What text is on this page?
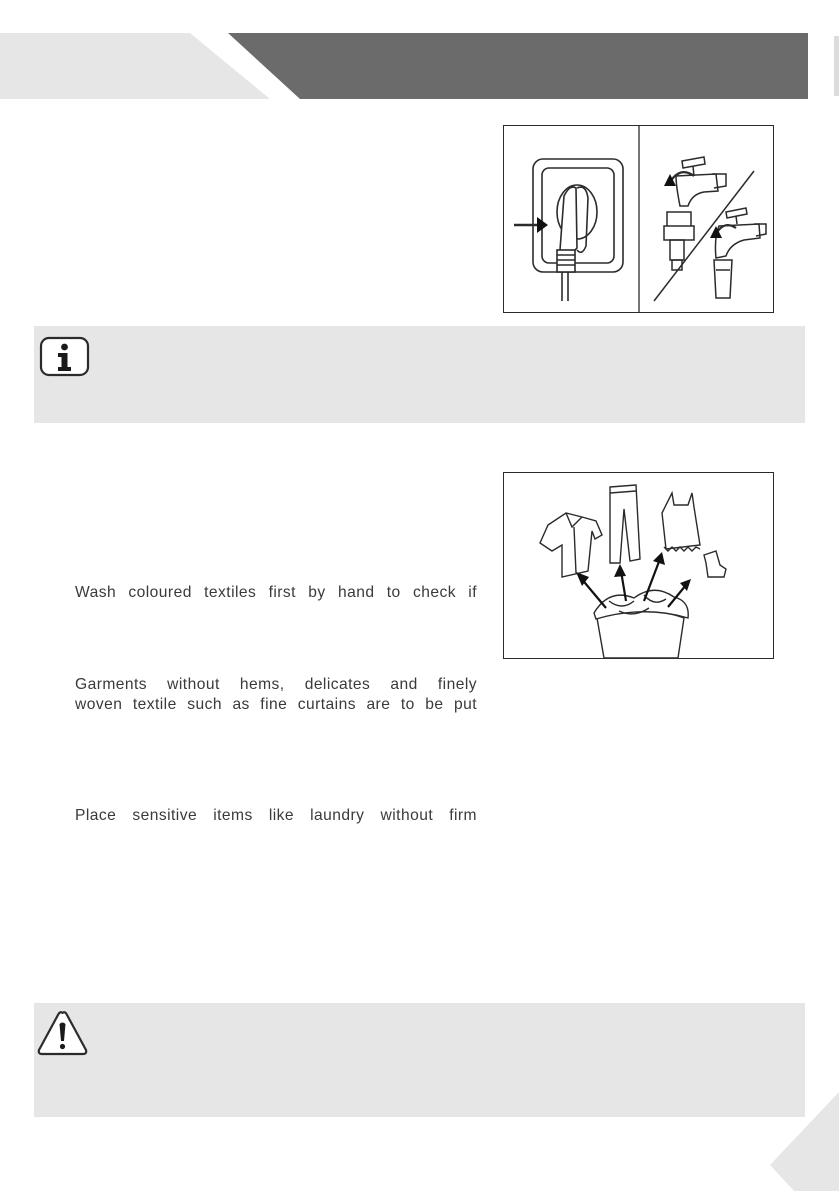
Wash coloured textiles first by hand to check if

Garments without hems, delicates and finely

woven textile such as fine curtains are to be put

Place sensitive items like laundry without firm
